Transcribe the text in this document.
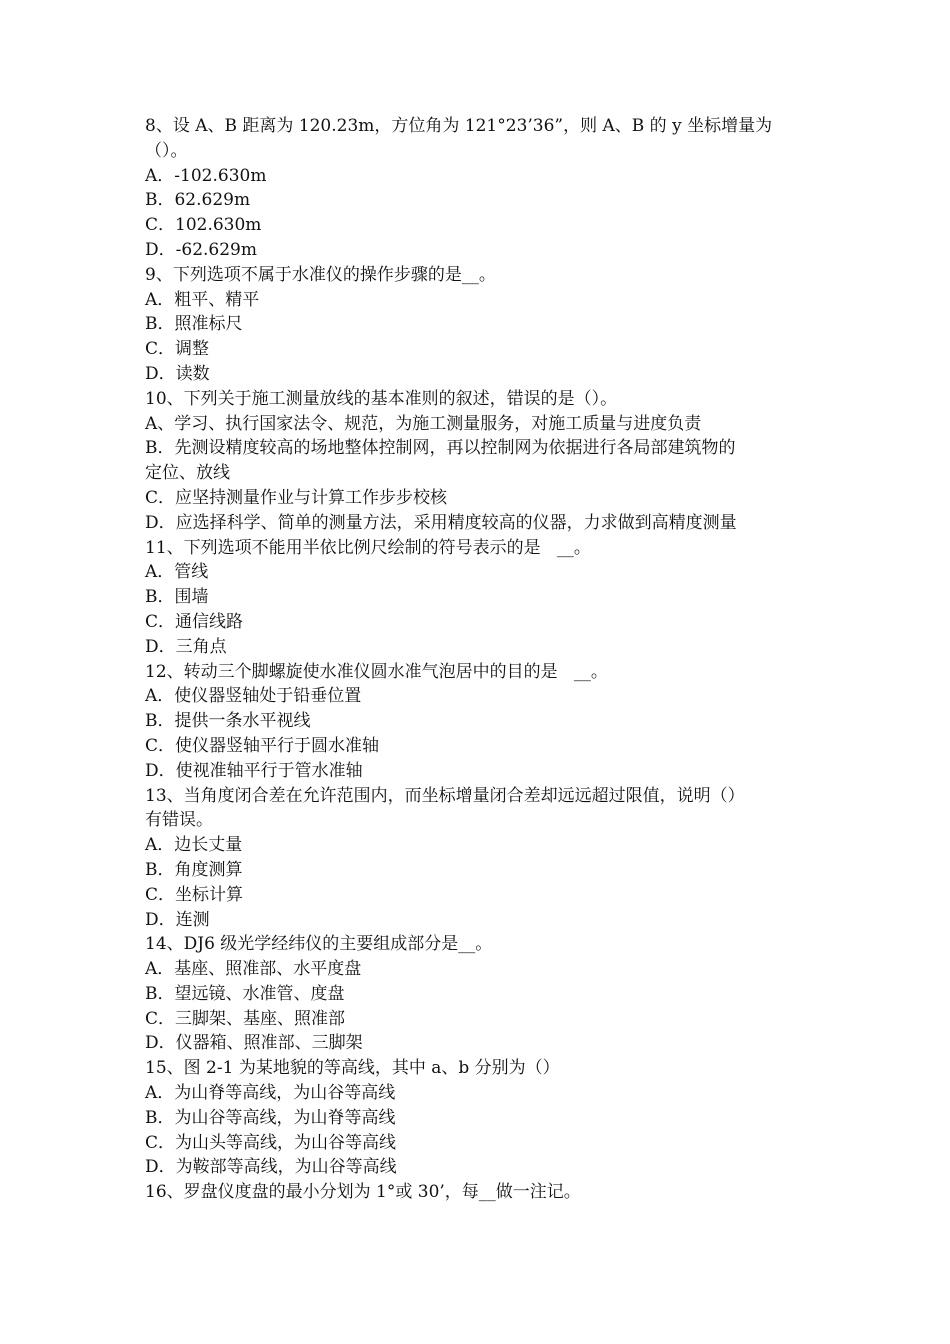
8、设 A、B 距离为 120.23m，方位角为 121°23’36”，则 A、B 的 y 坐标增量为
（）。
A．-102.630m
B．62.629m
C．102.630m
D．-62.629m
9、下列选项不属于水准仪的操作步骤的是__。
A．粗平、精平
B．照准标尺
C．调整
D．读数
10、下列关于施工测量放线的基本准则的叙述，错误的是（）。
A、学习、执行国家法令、规范，为施工测量服务，对施工质量与进度负责
B．先测设精度较高的场地整体控制网，再以控制网为依据进行各局部建筑物的
定位、放线
C．应坚持测量作业与计算工作步步校核
D．应选择科学、简单的测量方法，采用精度较高的仪器，力求做到高精度测量
11、下列选项不能用半依比例尺绘制的符号表示的是   __。
A．管线
B．围墙
C．通信线路
D．三角点
12、转动三个脚螺旋使水准仪圆水准气泡居中的目的是   __。
A．使仪器竖轴处于铅垂位置
B．提供一条水平视线
C．使仪器竖轴平行于圆水准轴
D．使视准轴平行于管水准轴
13、当角度闭合差在允许范围内，而坐标增量闭合差却远远超过限值，说明（）
有错误。
A．边长丈量
B．角度测算
C．坐标计算
D．连测
14、DJ6 级光学经纬仪的主要组成部分是__。
A．基座、照准部、水平度盘
B．望远镜、水准管、度盘
C．三脚架、基座、照准部
D．仪器箱、照准部、三脚架
15、图 2-1 为某地貌的等高线，其中 a、b 分别为（）
A．为山脊等高线，为山谷等高线
B．为山谷等高线，为山脊等高线
C．为山头等高线，为山谷等高线
D．为鞍部等高线，为山谷等高线
16、罗盘仪度盘的最小分划为 1°或 30’，每__做一注记。
